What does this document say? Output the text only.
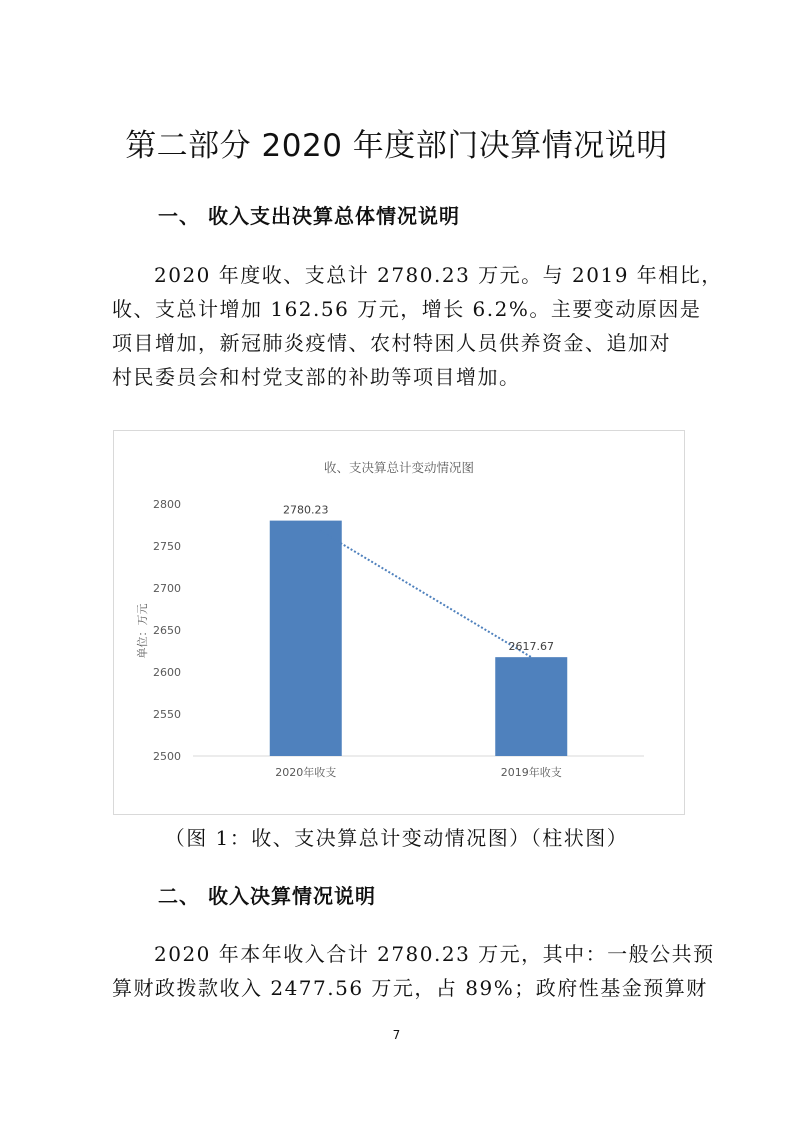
第二部分 2020 年度部门决算情况说明
一、 收入支出决算总体情况说明

2020 年度收、支总计 2780.23 万元。与 2019 年相比，
收、支总计增加 162.56 万元，增长 6.2%。主要变动原因是
项目增加，新冠肺炎疫情、农村特困人员供养资金、追加对
村民委员会和村党支部的补助等项目增加。

收、支决算总计变动情况图
单位：万元
2500
2550
2600
2650
2700
2750
2800
2020年收支	2019年收支
2780.23
2617.67
（图 1：收、支决算总计变动情况图）（柱状图）
二、 收入决算情况说明

2020 年本年收入合计 2780.23 万元，其中：一般公共预
算财政拨款收入 2477.56 万元，占 89%；政府性基金预算财

7
